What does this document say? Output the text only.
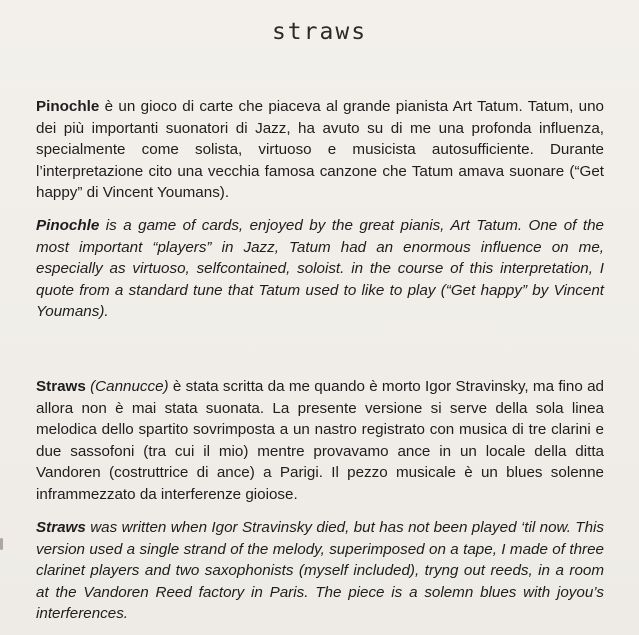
straws

Pinochle è un gioco di carte che piaceva al grande pianista Art Tatum. Tatum, uno dei più importanti suonatori di Jazz, ha avuto su di me una profonda influenza, specialmente come solista, virtuoso e musicista autosufficiente. Durante l’interpretazione cito una vecchia famosa canzone che Tatum amava suonare (“Get happy” di Vincent Youmans).

Pinochle is a game of cards, enjoyed by the great pianis, Art Tatum. One of the most important “players” in Jazz, Tatum had an enormous influence on me, especially as virtuoso, selfcontained, soloist. in the course of this interpretation, I quote from a standard tune that Tatum used to like to play (“Get happy” by Vincent Youmans).

Straws (Cannucce) è stata scritta da me quando è morto Igor Stravinsky, ma fino ad allora non è mai stata suonata. La presente versione si serve della sola linea melodica dello spartito sovrimposta a un nastro registrato con musica di tre clarini e due sassofoni (tra cui il mio) mentre provavamo ance in un locale della ditta Vandoren (costruttrice di ance) a Parigi. Il pezzo musicale è un blues solenne inframmezzato da interferenze gioiose.

Straws was written when Igor Stravinsky died, but has not been played ‘til now. This version used a single strand of the melody, superimposed on a tape, I made of three clarinet players and two saxophonists (myself included), tryng out reeds, in a room at the Vandoren Reed factory in Paris. The piece is a solemn blues with joyou’s interferences.
